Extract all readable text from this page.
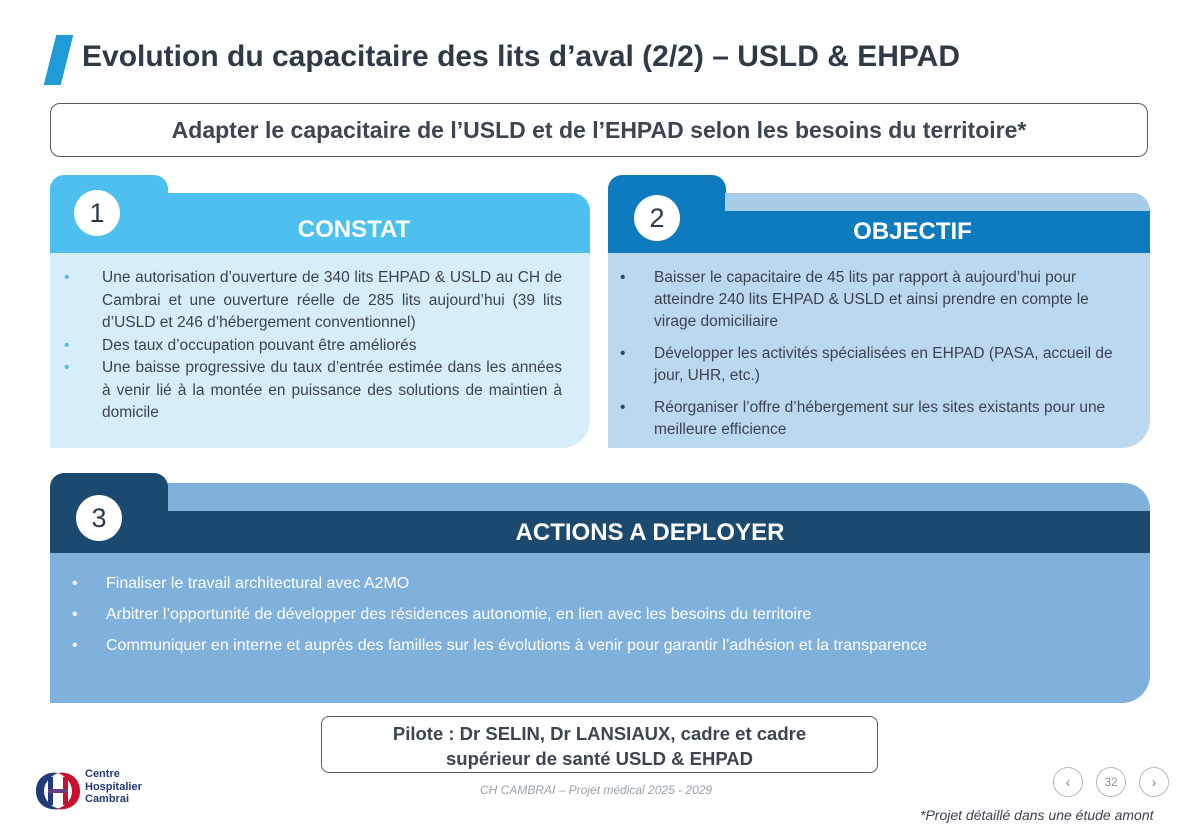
Evolution du capacitaire des lits d’aval (2/2) – USLD & EHPAD
Adapter le capacitaire de l’USLD et de l’EHPAD selon les besoins du territoire*
1
CONSTAT
• Une autorisation d’ouverture de 340 lits EHPAD & USLD au CH de Cambrai et une ouverture réelle de 285 lits aujourd’hui (39 lits d’USLD et 246 d’hébergement conventionnel)
• Des taux d’occupation pouvant être améliorés
• Une baisse progressive du taux d’entrée estimée dans les années à venir lié à la montée en puissance des solutions de maintien à domicile
2	OBJECTIF
• Baisser le capacitaire de 45 lits par rapport à aujourd’hui pour atteindre 240 lits EHPAD & USLD et ainsi prendre en compte le virage domiciliaire
• Développer les activités spécialisées en EHPAD (PASA, accueil de jour, UHR, etc.)
• Réorganiser l’offre d’hébergement sur les sites existants pour une meilleure efficience
3	ACTIONS A DEPLOYER
• Finaliser le travail architectural avec A2MO
• Arbitrer l’opportunité de développer des résidences autonomie, en lien avec les besoins du territoire
• Communiquer en interne et auprès des familles sur les évolutions à venir pour garantir l’adhésion et la transparence
Pilote : Dr SELIN, Dr LANSIAUX, cadre et cadre
supérieur de santé USLD & EHPAD
Centre
Hospitalier
Cambrai
CH CAMBRAI – Projet médical 2025 - 2029	‹	32	›
*Projet détaillé dans une étude amont
